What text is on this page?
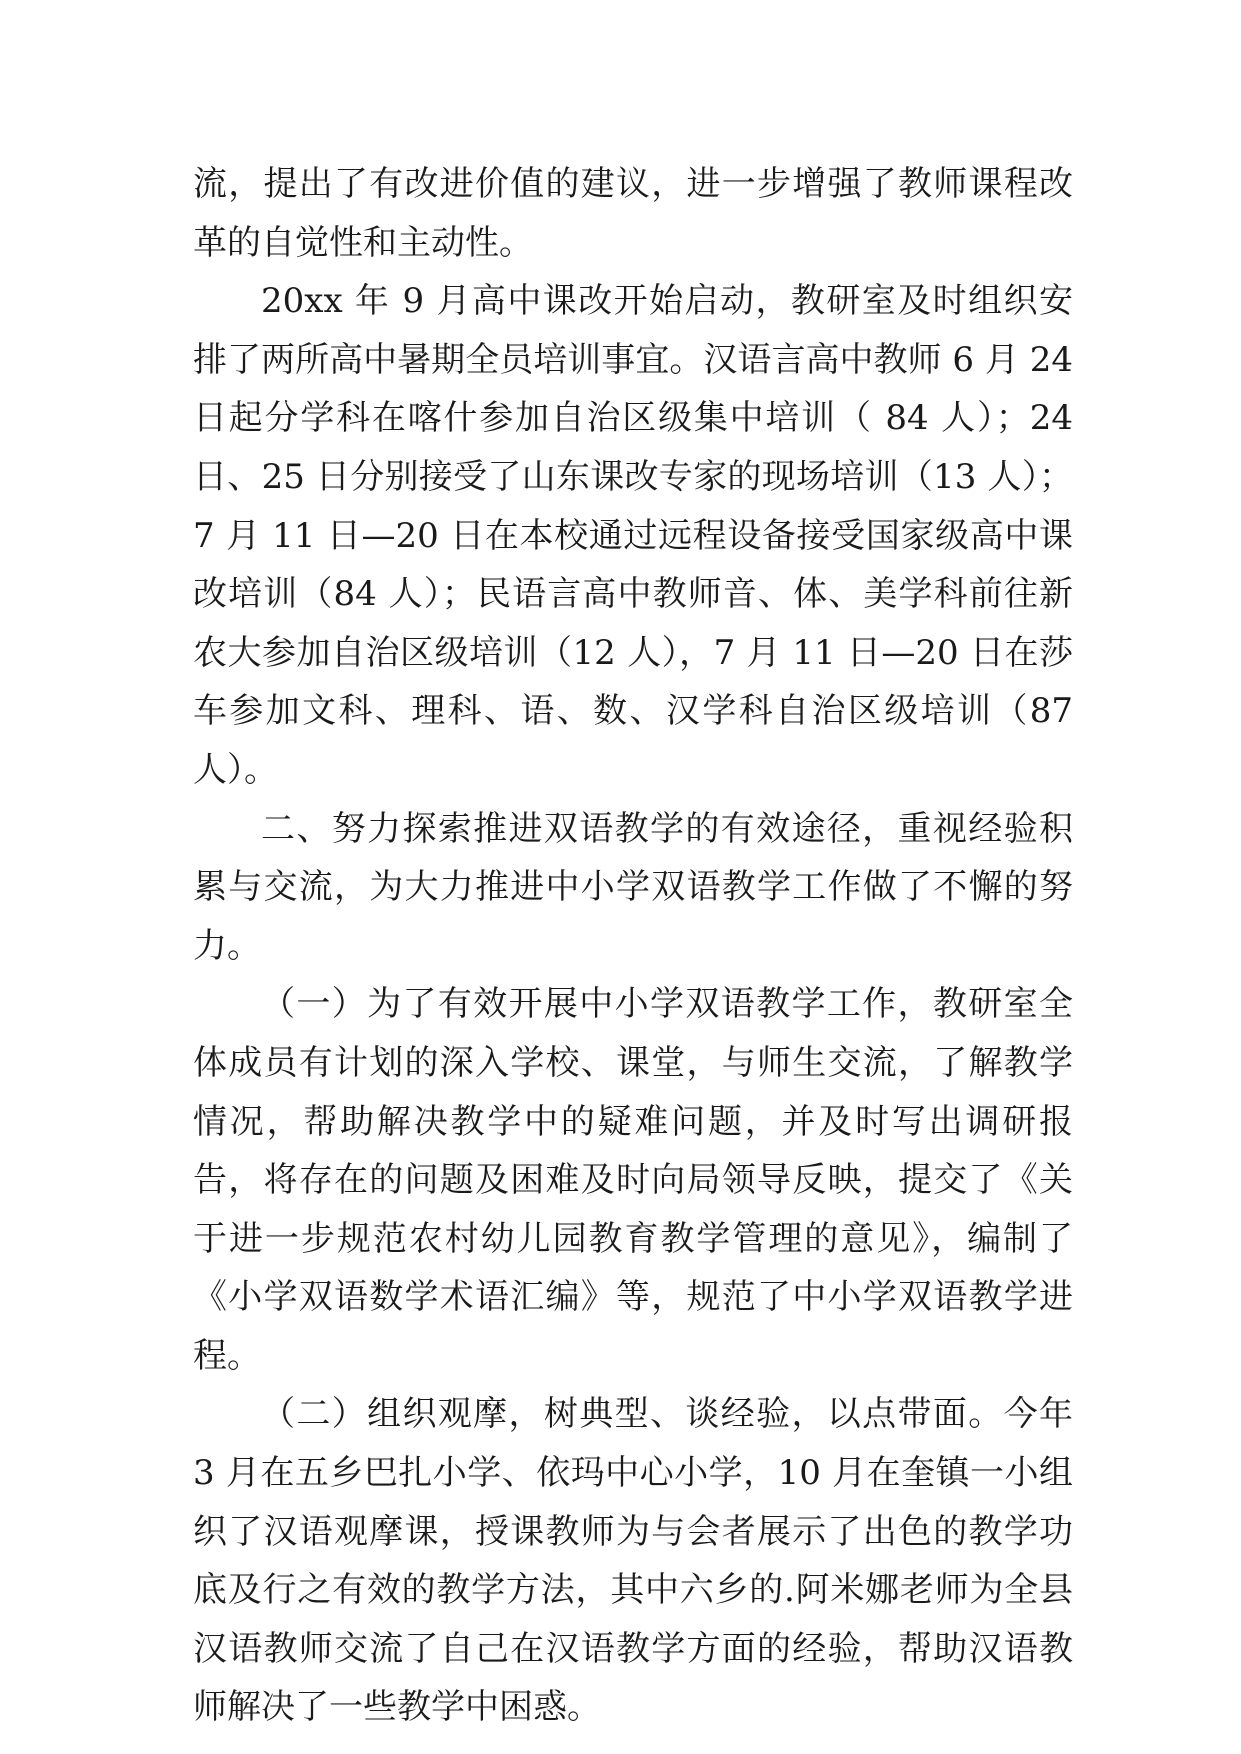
流，提出了有改进价值的建议，进一步增强了教师课程改革的自觉性和主动性。

20xx 年 9 月高中课改开始启动，教研室及时组织安排了两所高中暑期全员培训事宜。汉语言高中教师 6 月 24 日起分学科在喀什参加自治区级集中培训（ 84 人）；24 日、25 日分别接受了山东课改专家的现场培训（13 人）；7 月 11 日—20 日在本校通过远程设备接受国家级高中课改培训（84 人）；民语言高中教师音、体、美学科前往新农大参加自治区级培训（12 人），7 月 11 日—20 日在莎车参加文科、理科、语、数、汉学科自治区级培训（87 人）。

二、努力探索推进双语教学的有效途径，重视经验积累与交流，为大力推进中小学双语教学工作做了不懈的努力。

（一）为了有效开展中小学双语教学工作，教研室全体成员有计划的深入学校、课堂，与师生交流，了解教学情况，帮助解决教学中的疑难问题，并及时写出调研报告，将存在的问题及困难及时向局领导反映，提交了《关于进一步规范农村幼儿园教育教学管理的意见》，编制了《小学双语数学术语汇编》等，规范了中小学双语教学进程。

（二）组织观摩，树典型、谈经验，以点带面。今年 3 月在五乡巴扎小学、依玛中心小学，10 月在奎镇一小组织了汉语观摩课，授课教师为与会者展示了出色的教学功底及行之有效的教学方法，其中六乡的.阿米娜老师为全县汉语教师交流了自己在汉语教学方面的经验，帮助汉语教师解决了一些教学中困惑。
